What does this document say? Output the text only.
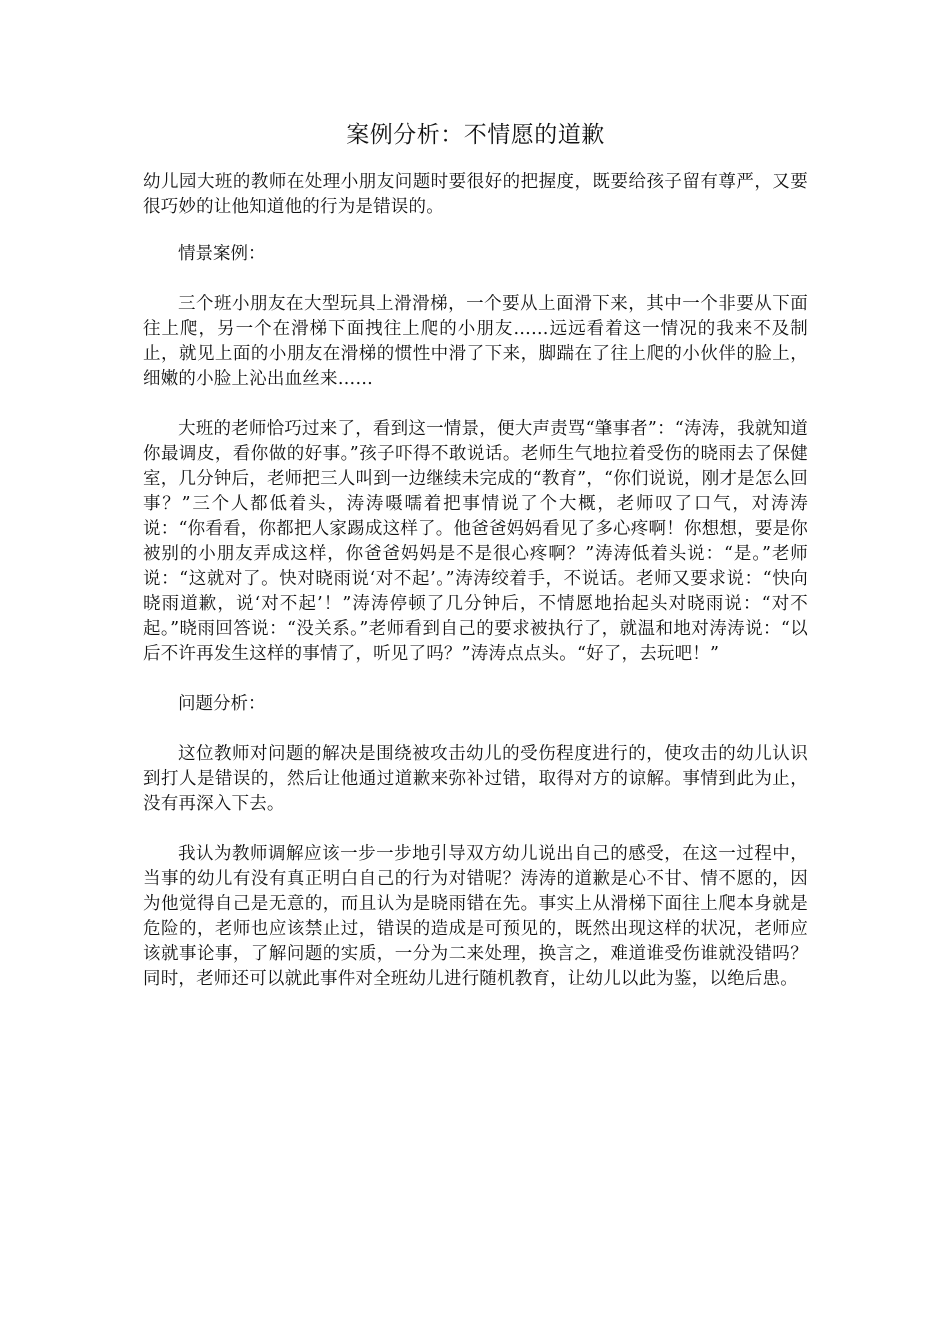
案例分析：不情愿的道歉

幼儿园大班的教师在处理小朋友问题时要很好的把握度，既要给孩子留有尊严，又要很巧妙的让他知道他的行为是错误的。

情景案例：

三个班小朋友在大型玩具上滑滑梯，一个要从上面滑下来，其中一个非要从下面往上爬，另一个在滑梯下面拽往上爬的小朋友……远远看着这一情况的我来不及制止，就见上面的小朋友在滑梯的惯性中滑了下来，脚踹在了往上爬的小伙伴的脸上，细嫩的小脸上沁出血丝来……

大班的老师恰巧过来了，看到这一情景，便大声责骂“肇事者”：“涛涛，我就知道你最调皮，看你做的好事。”孩子吓得不敢说话。老师生气地拉着受伤的晓雨去了保健室，几分钟后，老师把三人叫到一边继续未完成的“教育”，“你们说说，刚才是怎么回事？”三个人都低着头，涛涛嗫嚅着把事情说了个大概，老师叹了口气，对涛涛说：“你看看，你都把人家踢成这样了。他爸爸妈妈看见了多心疼啊！你想想，要是你被别的小朋友弄成这样，你爸爸妈妈是不是很心疼啊？”涛涛低着头说：“是。”老师说：“这就对了。快对晓雨说‘对不起’。”涛涛绞着手，不说话。老师又要求说：“快向晓雨道歉，说‘对不起’！”涛涛停顿了几分钟后，不情愿地抬起头对晓雨说：“对不起。”晓雨回答说：“没关系。”老师看到自己的要求被执行了，就温和地对涛涛说：“以后不许再发生这样的事情了，听见了吗？”涛涛点点头。“好了，去玩吧！”

问题分析：

这位教师对问题的解决是围绕被攻击幼儿的受伤程度进行的，使攻击的幼儿认识到打人是错误的，然后让他通过道歉来弥补过错，取得对方的谅解。事情到此为止，没有再深入下去。

我认为教师调解应该一步一步地引导双方幼儿说出自己的感受，在这一过程中，当事的幼儿有没有真正明白自己的行为对错呢？涛涛的道歉是心不甘、情不愿的，因为他觉得自己是无意的，而且认为是晓雨错在先。事实上从滑梯下面往上爬本身就是危险的，老师也应该禁止过，错误的造成是可预见的，既然出现这样的状况，老师应该就事论事，了解问题的实质，一分为二来处理，换言之，难道谁受伤谁就没错吗？同时，老师还可以就此事件对全班幼儿进行随机教育，让幼儿以此为鉴，以绝后患。
